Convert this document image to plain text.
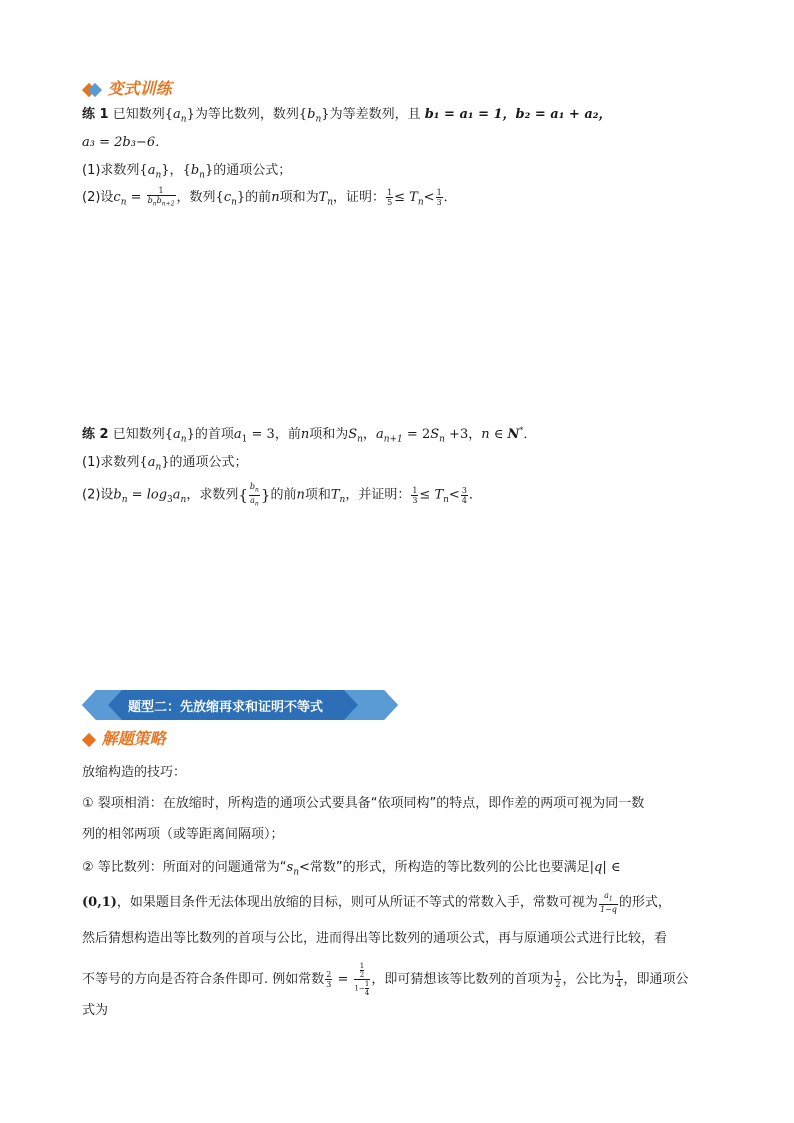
变式训练
练 1 已知数列$\{a_n\}$为等比数列，数列$\{b_n\}$为等差数列，且 b₁ = a₁ = 1，b₂ = a₁ + a₂，
a₃ = 2b₃−6．
(1)求数列$\{a_n\}$，$\{b_n\}$的通项公式；
(2)设$c_n = \frac{1}{b_nb_{n+2}}$ ，数列$\{c_n\}$的前n项和为$T_n$，证明： $\frac{1}{5} \le T_n< \frac{1}{3}$ ．
练 2 已知数列$\{a_n\}$的首项$a_1 = 3$，前n项和为$S_n$，$a_{n+1} = 2S_n +3$，n ∈ N*．
(1)求数列$\{a_n\}$的通项公式；
(2)设$b_n = \log_3a_n$，求数列{ $\frac{b_n}{a_n}$ }的前n项和$T_n$，并证明： $\frac{1}{3} \le T_n< \frac{3}{4}$ ．
题型二：先放缩再求和证明不等式
解题策略
放缩构造的技巧：
① 裂项相消：在放缩时，所构造的通项公式要具备“依项同构”的特点，即作差的两项可视为同一数
列的相邻两项（或等距离间隔项）；
② 等比数列：所面对的问题通常为“$s_n<$常数”的形式，所构造的等比数列的公比也要满足|q| ∈
(0,1)，如果题目条件无法体现出放缩的目标，则可从所证不等式的常数入手，常数可视为 $\frac{a_1}{1-q}$ 的形式，
然后猜想构造出等比数列的首项与公比，进而得出等比数列的通项公式，再与原通项公式进行比较，看
不等号的方向是否符合条件即可. 例如常数 $\frac{2}{3} = \frac{\frac{1}{2}}{1- \frac{1}{4}}$ ，即可猜想该等比数列的首项为 $\frac{1}{2}$ ，公比为 $\frac{1}{4}$ ，即通项公
式为
